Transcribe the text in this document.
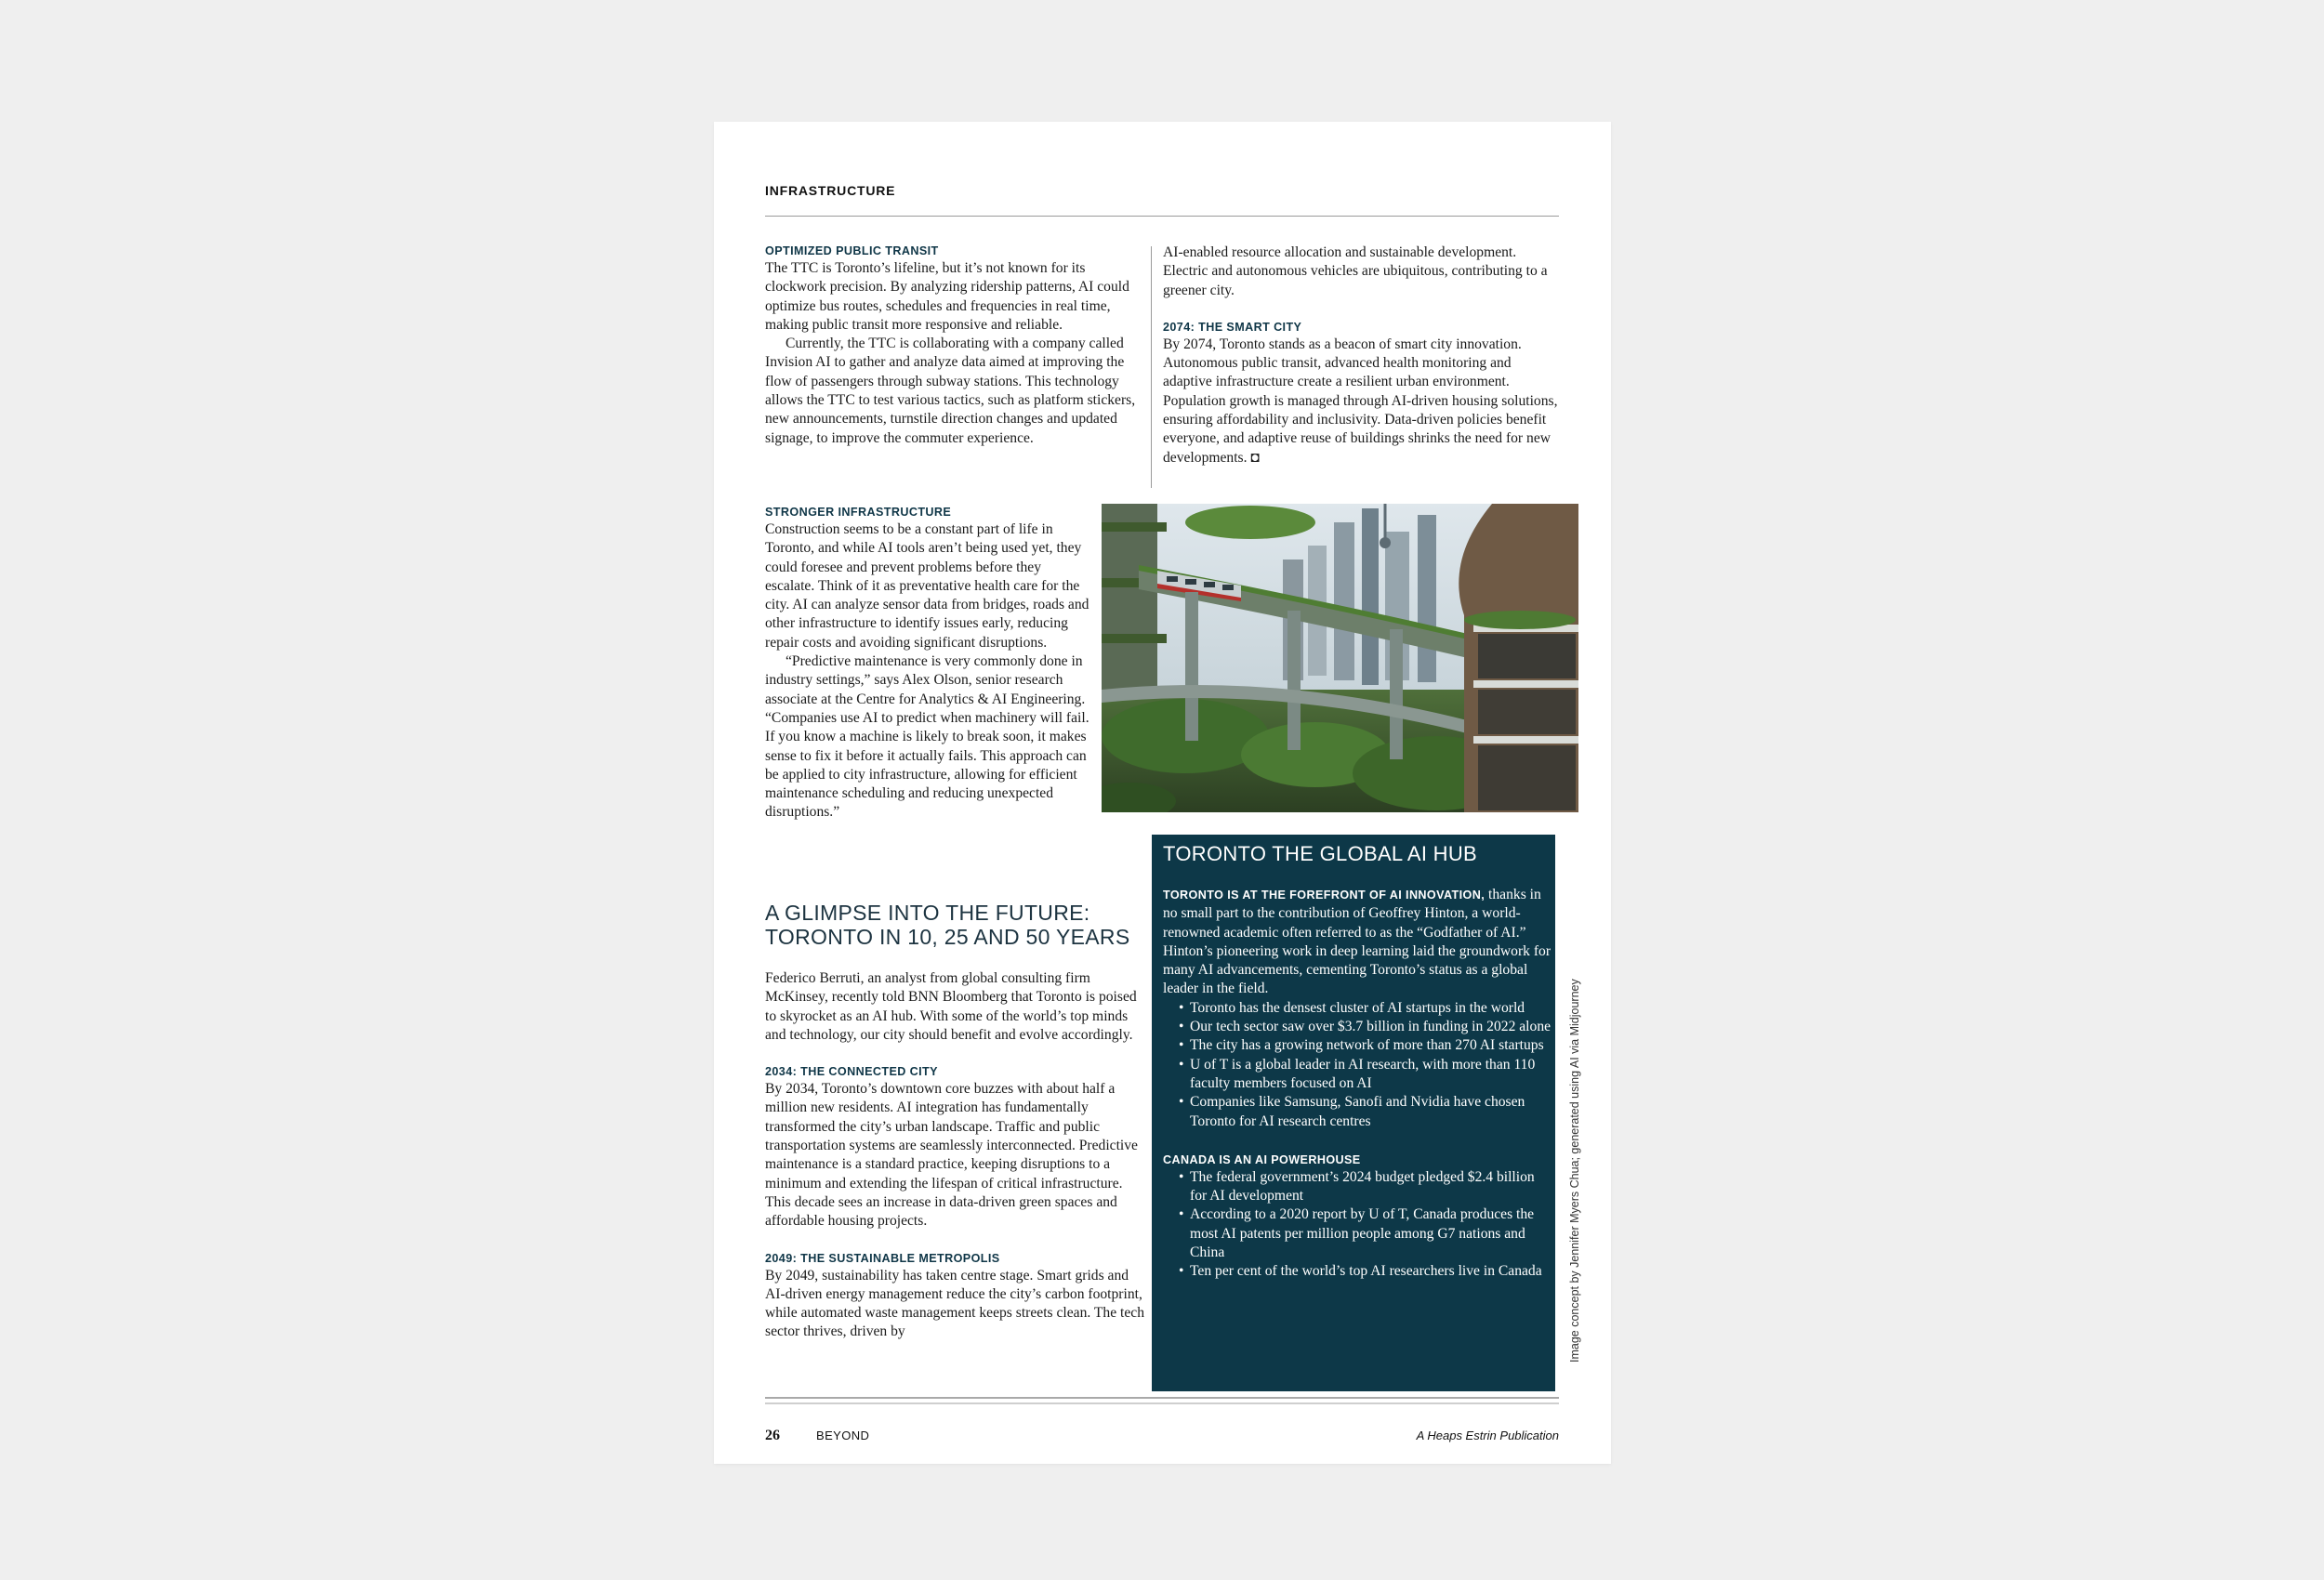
INFRASTRUCTURE
OPTIMIZED PUBLIC TRANSIT

The TTC is Toronto’s lifeline, but it’s not known for its clockwork precision. By analyzing ridership patterns, AI could optimize bus routes, schedules and frequencies in real time, making public transit more responsive and reliable.

Currently, the TTC is collaborating with a company called Invision AI to gather and analyze data aimed at improving the flow of passengers through subway stations. This technology allows the TTC to test various tactics, such as platform stickers, new announcements, turnstile direction changes and updated signage, to improve the commuter experience.

AI-enabled resource allocation and sustainable development. Electric and autonomous vehicles are ubiquitous, contributing to a greener city.

2074: THE SMART CITY

By 2074, Toronto stands as a beacon of smart city innovation. Autonomous public transit, advanced health monitoring and adaptive infrastructure create a resilient urban environment. Population growth is managed through AI-driven housing solutions, ensuring affordability and inclusivity. Data-driven policies benefit everyone, and adaptive reuse of buildings shrinks the need for new developments. ◘

STRONGER INFRASTRUCTURE

Construction seems to be a constant part of life in Toronto, and while AI tools aren’t being used yet, they could foresee and prevent problems before they escalate. Think of it as preventative health care for the city. AI can analyze sensor data from bridges, roads and other infrastructure to identify issues early, reducing repair costs and avoiding significant disruptions.

“Predictive maintenance is very commonly done in industry settings,” says Alex Olson, senior research associate at the Centre for Analytics & AI Engineering. “Companies use AI to predict when machinery will fail. If you know a machine is likely to break soon, it makes sense to fix it before it actually fails. This approach can be applied to city infrastructure, allowing for efficient maintenance scheduling and reducing unexpected disruptions.”

A GLIMPSE INTO THE FUTURE:
TORONTO IN 10, 25 AND 50 YEARS

Federico Berruti, an analyst from global consulting firm McKinsey, recently told BNN Bloomberg that Toronto is poised to skyrocket as an AI hub. With some of the world’s top minds and technology, our city should benefit and evolve accordingly.

2034: THE CONNECTED CITY

By 2034, Toronto’s downtown core buzzes with about half a million new residents. AI integration has fundamentally transformed the city’s urban landscape. Traffic and public transportation systems are seamlessly interconnected. Predictive maintenance is a standard practice, keeping disruptions to a minimum and extending the lifespan of critical infrastructure. This decade sees an increase in data-driven green spaces and affordable housing projects.

2049: THE SUSTAINABLE METROPOLIS

By 2049, sustainability has taken centre stage. Smart grids and AI-driven energy management reduce the city’s carbon footprint, while automated waste management keeps streets clean. The tech sector thrives, driven by

TORONTO THE GLOBAL AI HUB

TORONTO IS AT THE FOREFRONT OF AI INNOVATION, thanks in no small part to the contribution of Geoffrey Hinton, a world-renowned academic often referred to as the “Godfather of AI.” Hinton’s pioneering work in deep learning laid the groundwork for many AI advancements, cementing Toronto’s status as a global leader in the field.

• Toronto has the densest cluster of AI startups in the world
• Our tech sector saw over $3.7 billion in funding in 2022 alone
• The city has a growing network of more than 270 AI startups
• U of T is a global leader in AI research, with more than 110 faculty members focused on AI
• Companies like Samsung, Sanofi and Nvidia have chosen Toronto for AI research centres
CANADA IS AN AI POWERHOUSE
• The federal government’s 2024 budget pledged $2.4 billion for AI development
• According to a 2020 report by U of T, Canada produces the most AI patents per million people among G7 nations and China
• Ten per cent of the world’s top AI researchers live in Canada	Image concept by Jennifer Myers Chua; generated using AI via Midjourney
26	BEYOND	A Heaps Estrin Publication
